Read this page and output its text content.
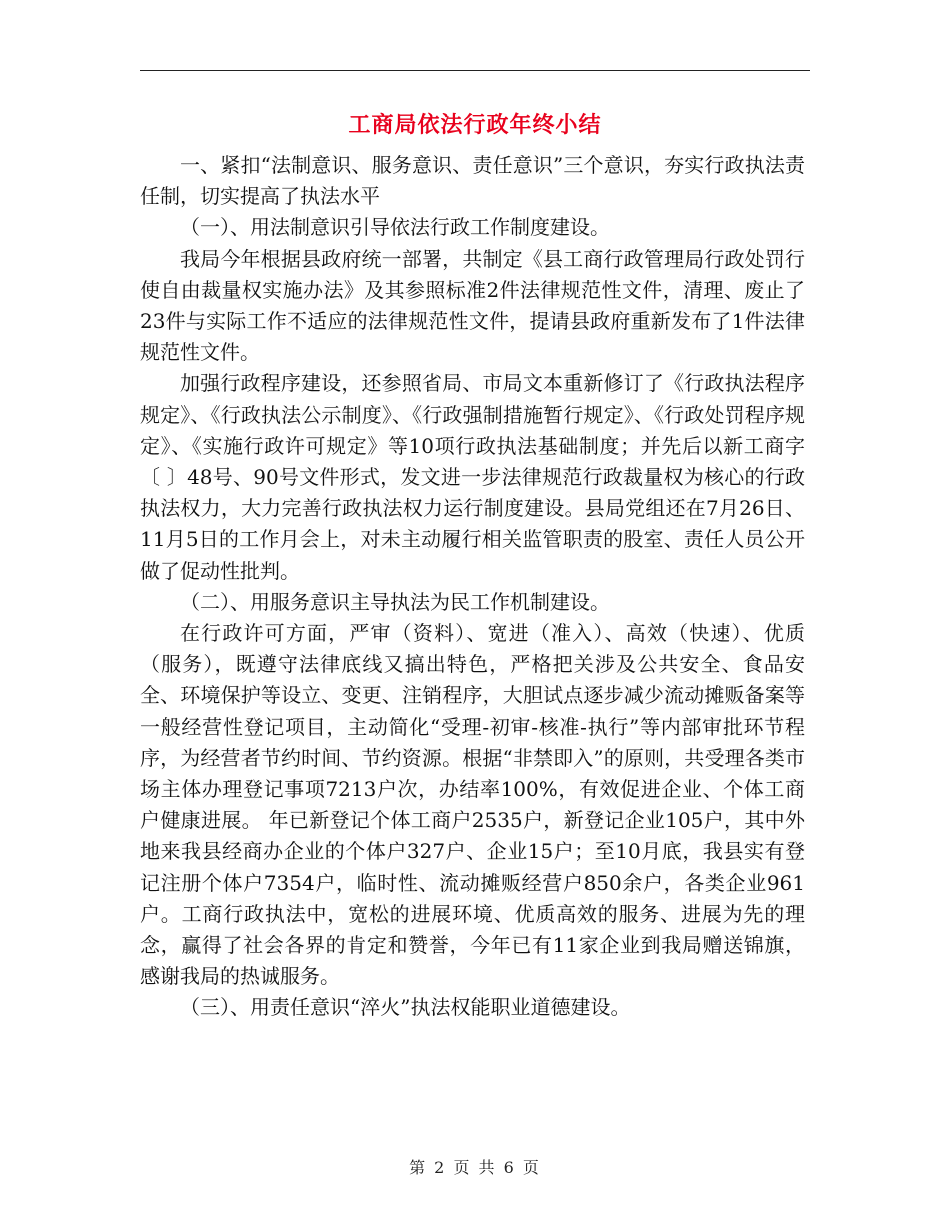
工商局依法行政年终小结

一、紧扣“法制意识、服务意识、责任意识”三个意识，夯实行政执法责任制，切实提高了执法水平

（一）、用法制意识引导依法行政工作制度建设。

我局今年根据县政府统一部署，共制定《县工商行政管理局行政处罚行使自由裁量权实施办法》及其参照标准2件法律规范性文件，清理、废止了23件与实际工作不适应的法律规范性文件，提请县政府重新发布了1件法律规范性文件。

加强行政程序建设，还参照省局、市局文本重新修订了《行政执法程序规定》、《行政执法公示制度》、《行政强制措施暂行规定》、《行政处罚程序规定》、《实施行政许可规定》等10项行政执法基础制度；并先后以新工商字〔 〕48号、90号文件形式，发文进一步法律规范行政裁量权为核心的行政执法权力，大力完善行政执法权力运行制度建设。县局党组还在7月26日、11月5日的工作月会上，对未主动履行相关监管职责的股室、责任人员公开做了促动性批判。

（二）、用服务意识主导执法为民工作机制建设。

在行政许可方面，严审（资料）、宽进（准入）、高效（快速）、优质（服务），既遵守法律底线又搞出特色，严格把关涉及公共安全、食品安全、环境保护等设立、变更、注销程序，大胆试点逐步减少流动摊贩备案等一般经营性登记项目，主动简化“受理-初审-核准-执行”等内部审批环节程序，为经营者节约时间、节约资源。根据“非禁即入”的原则，共受理各类市场主体办理登记事项7213户次，办结率100%，有效促进企业、个体工商户健康进展。 年已新登记个体工商户2535户，新登记企业105户，其中外地来我县经商办企业的个体户327户、企业15户；至10月底，我县实有登记注册个体户7354户，临时性、流动摊贩经营户850余户，各类企业961户。工商行政执法中，宽松的进展环境、优质高效的服务、进展为先的理念，赢得了社会各界的肯定和赞誉，今年已有11家企业到我局赠送锦旗，感谢我局的热诚服务。

（三）、用责任意识“淬火”执法权能职业道德建设。

第 2 页 共 6 页
